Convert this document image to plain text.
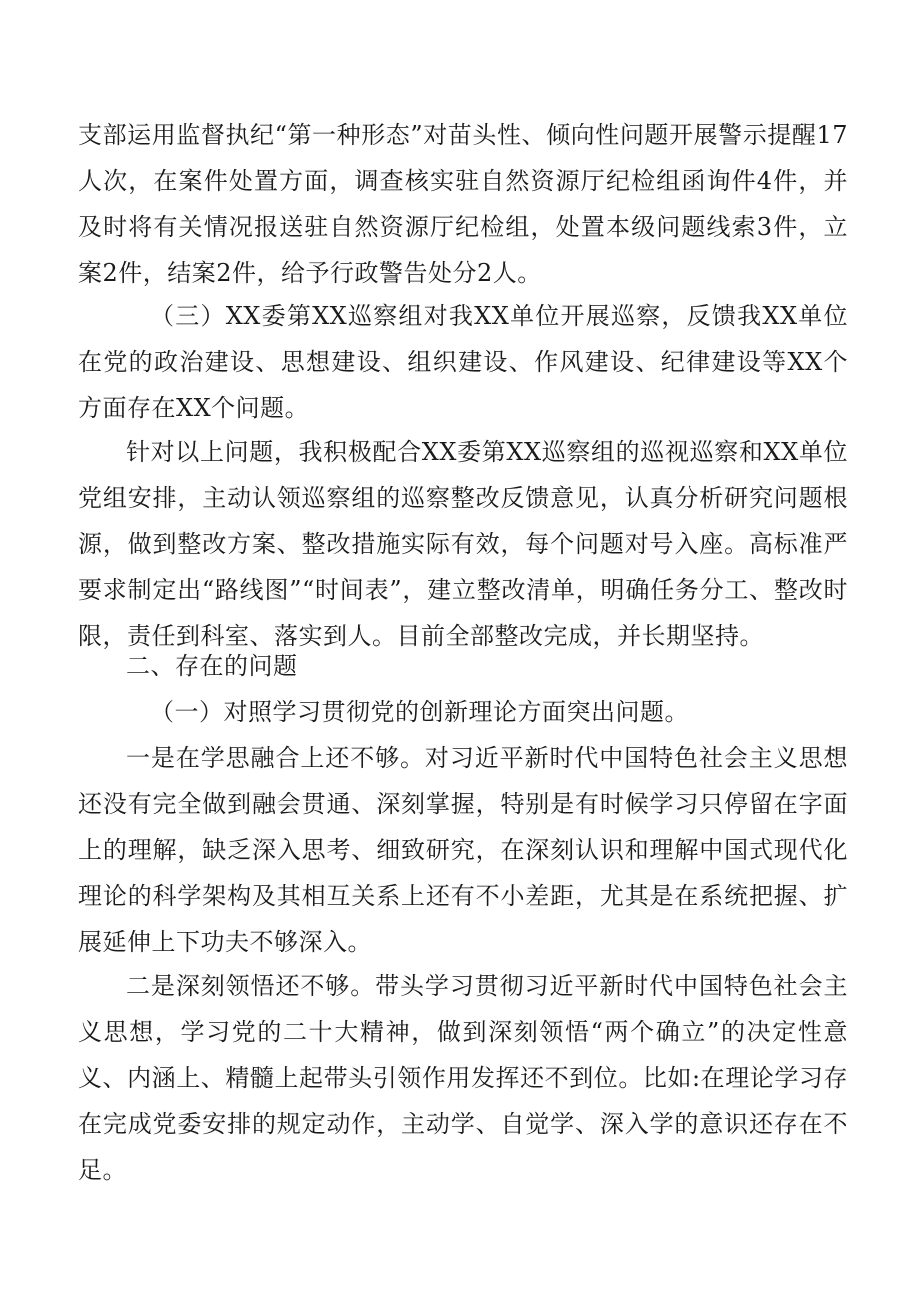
支部运用监督执纪“第一种形态”对苗头性、倾向性问题开展警示提醒17人次，在案件处置方面，调查核实驻自然资源厅纪检组函询件4件，并及时将有关情况报送驻自然资源厅纪检组，处置本级问题线索3件，立案2件，结案2件，给予行政警告处分2人。

（三）XX委第XX巡察组对我XX单位开展巡察，反馈我XX单位在党的政治建设、思想建设、组织建设、作风建设、纪律建设等XX个方面存在XX个问题。

针对以上问题，我积极配合XX委第XX巡察组的巡视巡察和XX单位党组安排，主动认领巡察组的巡察整改反馈意见，认真分析研究问题根源，做到整改方案、整改措施实际有效，每个问题对号入座。高标准严要求制定出“路线图”“时间表”，建立整改清单，明确任务分工、整改时限，责任到科室、落实到人。目前全部整改完成，并长期坚持。

二、存在的问题

（一）对照学习贯彻党的创新理论方面突出问题。

一是在学思融合上还不够。对习近平新时代中国特色社会主义思想还没有完全做到融会贯通、深刻掌握，特别是有时候学习只停留在字面上的理解，缺乏深入思考、细致研究，在深刻认识和理解中国式现代化理论的科学架构及其相互关系上还有不小差距，尤其是在系统把握、扩展延伸上下功夫不够深入。

二是深刻领悟还不够。带头学习贯彻习近平新时代中国特色社会主义思想，学习党的二十大精神，做到深刻领悟“两个确立”的决定性意义、内涵上、精髓上起带头引领作用发挥还不到位。比如:在理论学习存在完成党委安排的规定动作，主动学、自觉学、深入学的意识还存在不足。
